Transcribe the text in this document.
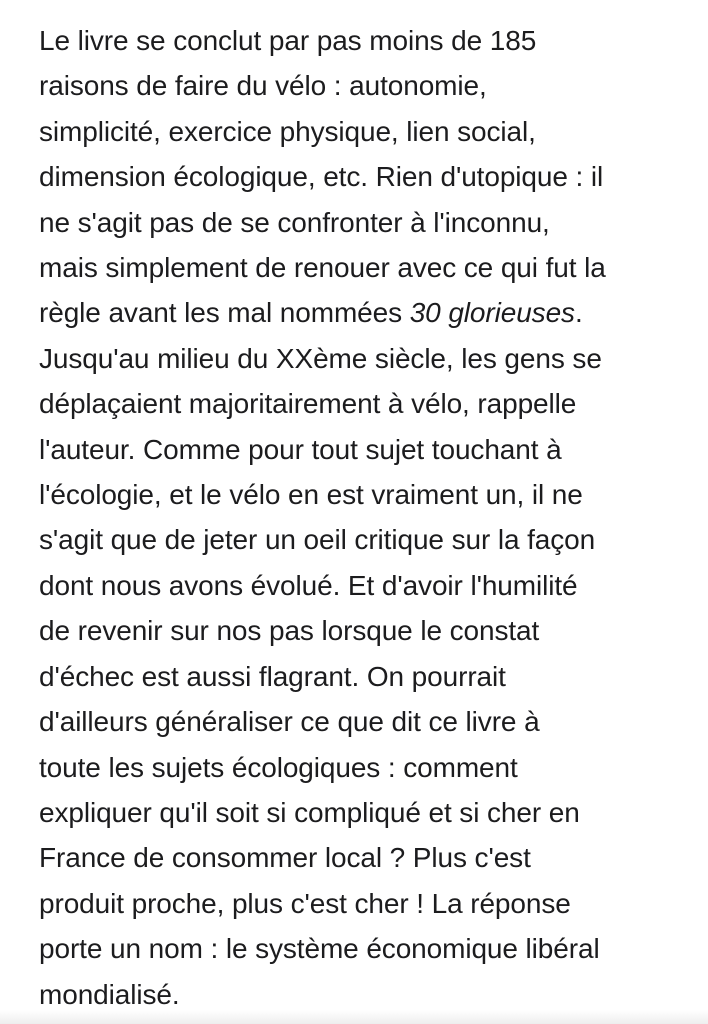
Le livre se conclut par pas moins de 185
raisons de faire du vélo : autonomie,
simplicité, exercice physique, lien social,
dimension écologique, etc. Rien d'utopique : il
ne s'agit pas de se confronter à l'inconnu,
mais simplement de renouer avec ce qui fut la
règle avant les mal nommées 30 glorieuses.
Jusqu'au milieu du XXème siècle, les gens se
déplaçaient majoritairement à vélo, rappelle
l'auteur. Comme pour tout sujet touchant à
l'écologie, et le vélo en est vraiment un, il ne
s'agit que de jeter un oeil critique sur la façon
dont nous avons évolué. Et d'avoir l'humilité
de revenir sur nos pas lorsque le constat
d'échec est aussi flagrant. On pourrait
d'ailleurs généraliser ce que dit ce livre à
toute les sujets écologiques : comment
expliquer qu'il soit si compliqué et si cher en
France de consommer local ? Plus c'est
produit proche, plus c'est cher ! La réponse
porte un nom : le système économique libéral
mondialisé.
